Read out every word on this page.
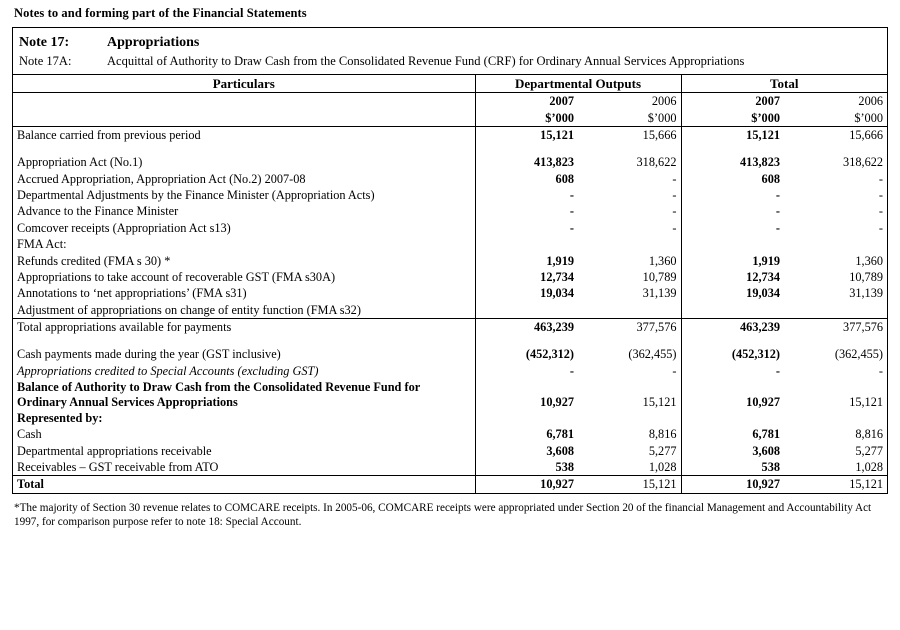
Notes to and forming part of the Financial Statements
Note 17:	Appropriations
Note 17A:	Acquittal of Authority to Draw Cash from the Consolidated Revenue Fund (CRF) for Ordinary Annual Services Appropriations
Particulars	Departmental Outputs		Total	
	2007	2006	2007	2006
	$’000	$’000	$’000	$’000
Balance carried from previous period	15,121	15,666	15,121	15,666

Appropriation Act (No.1)	413,823	318,622	413,823	318,622
Accrued Appropriation, Appropriation Act (No.2) 2007-08	608	-	608	-
Departmental Adjustments by the Finance Minister (Appropriation Acts)	-	-	-	-
Advance to the Finance Minister	-	-	-	-
Comcover receipts (Appropriation Act s13)	-	-	-	-
FMA Act:				
Refunds credited (FMA s 30) *	1,919	1,360	1,919	1,360
Appropriations to take account of recoverable GST (FMA s30A)	12,734	10,789	12,734	10,789
Annotations to ‘net appropriations’ (FMA s31)	19,034	31,139	19,034	31,139
Adjustment of appropriations on change of entity function (FMA s32)				
Total appropriations available for payments	463,239	377,576	463,239	377,576

Cash payments made during the year (GST inclusive)	(452,312)	(362,455)	(452,312)	(362,455)
Appropriations credited to Special Accounts (excluding GST)	-	-	-	-
Balance of Authority to Draw Cash from the Consolidated Revenue Fund for Ordinary Annual Services Appropriations	10,927	15,121	10,927	15,121
Represented by:				
Cash	6,781	8,816	6,781	8,816
Departmental appropriations receivable	3,608	5,277	3,608	5,277
Receivables – GST receivable from ATO	538	1,028	538	1,028
Total	10,927	15,121	10,927	15,121
*The majority of Section 30 revenue relates to COMCARE receipts. In 2005-06, COMCARE receipts were appropriated under Section 20 of the financial Management and Accountability Act 1997, for comparison purpose refer to note 18: Special Account.
